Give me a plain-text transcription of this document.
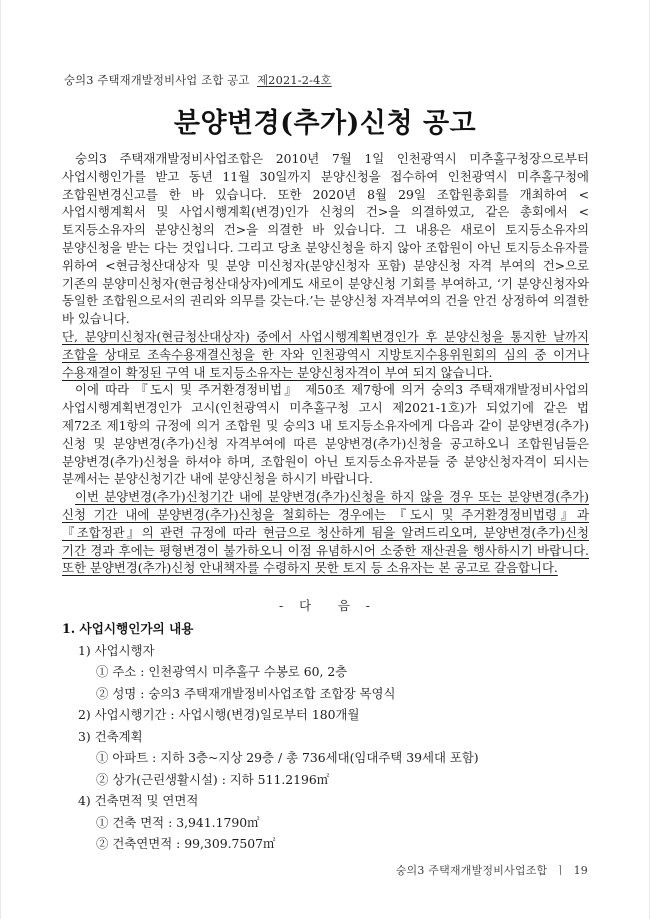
숭의3 주택재개발정비사업 조합 공고 제2021-2-4호
분양변경(추가)신청 공고

숭의3 주택재개발정비사업조합은 2010년 7월 1일 인천광역시 미추홀구청장으로부터 사업시행인가를 받고 동년 11월 30일까지 분양신청을 접수하여 인천광역시 미추홀구청에 조합원변경신고를 한 바 있습니다. 또한 2020년 8월 29일 조합원총회를 개최하여 <사업시행계획서 및 사업시행계획(변경)인가 신청의 건>을 의결하였고, 같은 총회에서 <토지등소유자의 분양신청의 건>을 의결한 바 있습니다. 그 내용은 새로이 토지등소유자의 분양신청을 받는 다는 것입니다. 그리고 당초 분양신청을 하지 않아 조합원이 아닌 토지등소유자를 위하여 <현금청산대상자 및 분양 미신청자(분양신청자 포함) 분양신청 자격 부여의 건>으로 기존의 분양미신청자(현금청산대상자)에게도 새로이 분양신청 기회를 부여하고, ‘기 분양신청자와 동일한 조합원으로서의 권리와 의무를 갖는다.’는 분양신청 자격부여의 건을 안건 상정하여 의결한 바 있습니다.

단, 분양미신청자(현금청산대상자) 중에서 사업시행계획변경인가 후 분양신청을 통지한 날까지 조합을 상대로 조속수용재결신청을 한 자와 인천광역시 지방토지수용위원회의 심의 중 이거나 수용재결이 확정된 구역 내 토지등소유자는 분양신청자격이 부여 되지 않습니다.

이에 따라 『도시 및 주거환경정비법』 제50조 제7항에 의거 숭의3 주택재개발정비사업의 사업시행계획변경인가 고시(인천광역시 미추홀구청 고시 제2021-1호)가 되었기에 같은 법 제72조 제1항의 규정에 의거 조합원 및 숭의3 내 토지등소유자에게 다음과 같이 분양변경(추가)신청 및 분양변경(추가)신청 자격부여에 따른 분양변경(추가)신청을 공고하오니 조합원님들은 분양변경(추가)신청을 하셔야 하며, 조합원이 아닌 토지등소유자분들 중 분양신청자격이 되시는 분께서는 분양신청기간 내에 분양신청을 하시기 바랍니다.

이번 분양변경(추가)신청기간 내에 분양변경(추가)신청을 하지 않을 경우 또는 분양변경(추가)신청 기간 내에 분양변경(추가)신청을 철회하는 경우에는 『도시 및 주거환경정비법령』과 『조합정관』의 관련 규정에 따라 현금으로 청산하게 됨을 알려드리오며, 분양변경(추가)신청 기간 경과 후에는 평형변경이 불가하오니 이점 유념하시어 소중한 재산권을 행사하시기 바랍니다. 또한 분양변경(추가)신청 안내책자를 수령하지 못한 토지 등 소유자는 본 공고로 갈음합니다.

- 다 음 -
1. 사업시행인가의 내용
1) 사업시행자
① 주소 : 인천광역시 미추홀구 수봉로 60, 2층
② 성명 : 숭의3 주택재개발정비사업조합 조합장 목영식
2) 사업시행기간 : 사업시행(변경)일로부터 180개월
3) 건축계획
① 아파트 : 지하 3층~지상 29층 / 총 736세대(임대주택 39세대 포함)
② 상가(근린생활시설) : 지하 511.2196㎡
4) 건축면적 및 연면적
① 건축 면적 : 3,941.1790㎡
② 건축연면적 : 99,309.7507㎡
숭의3 주택재개발정비사업조합 ㅣ 19
